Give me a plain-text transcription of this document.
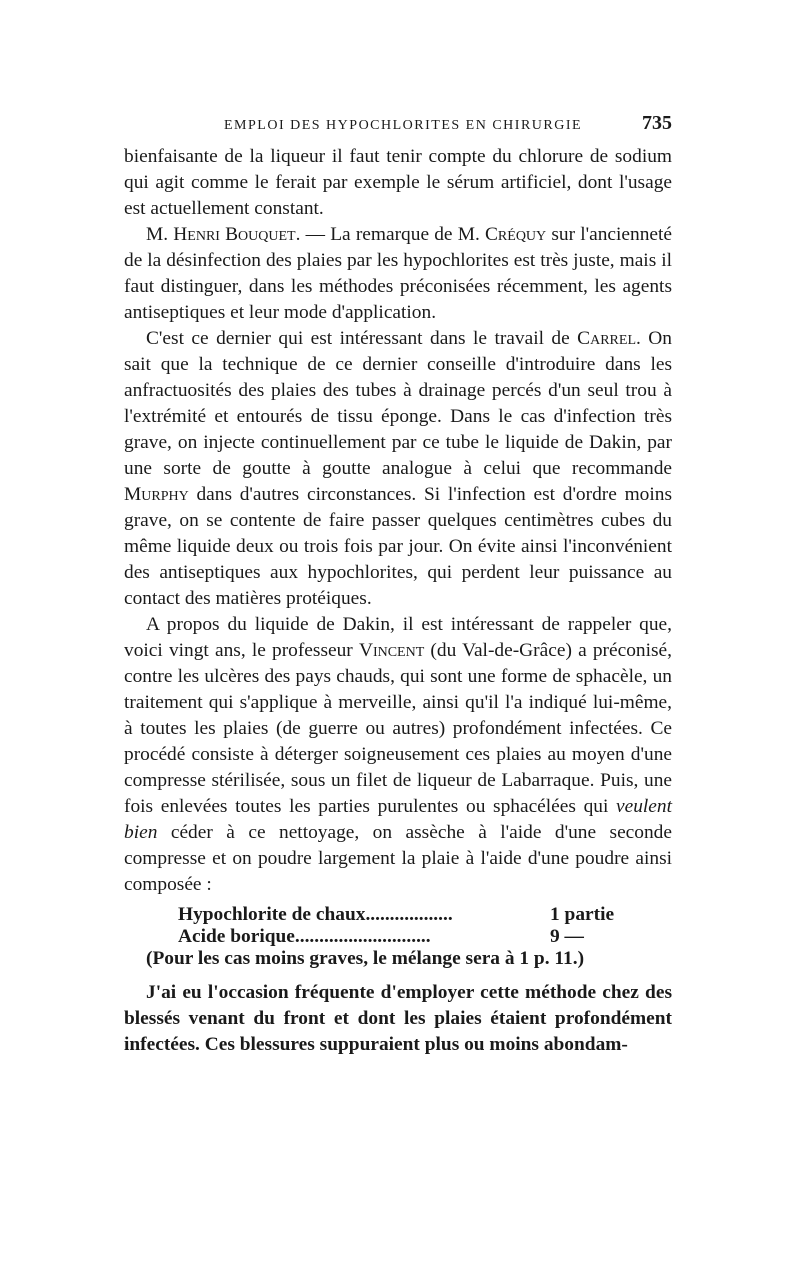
EMPLOI DES HYPOCHLORITES EN CHIRURGIE	735

bienfaisante de la liqueur il faut tenir compte du chlorure de sodium qui agit comme le ferait par exemple le sérum artificiel, dont l'usage est actuellement constant.

M. Henri Bouquet. — La remarque de M. Créquy sur l'ancienneté de la désinfection des plaies par les hypochlorites est très juste, mais il faut distinguer, dans les méthodes préconisées récemment, les agents antiseptiques et leur mode d'application.

C'est ce dernier qui est intéressant dans le travail de Carrel. On sait que la technique de ce dernier conseille d'introduire dans les anfractuosités des plaies des tubes à drainage percés d'un seul trou à l'extrémité et entourés de tissu éponge. Dans le cas d'infection très grave, on injecte continuellement par ce tube le liquide de Dakin, par une sorte de goutte à goutte analogue à celui que recommande Murphy dans d'autres circonstances. Si l'infection est d'ordre moins grave, on se contente de faire passer quelques centimètres cubes du même liquide deux ou trois fois par jour. On évite ainsi l'inconvénient des antiseptiques aux hypochlorites, qui perdent leur puissance au contact des matières protéiques.

A propos du liquide de Dakin, il est intéressant de rappeler que, voici vingt ans, le professeur Vincent (du Val-de-Grâce) a préconisé, contre les ulcères des pays chauds, qui sont une forme de sphacèle, un traitement qui s'applique à merveille, ainsi qu'il l'a indiqué lui-même, à toutes les plaies (de guerre ou autres) profondément infectées. Ce procédé consiste à déterger soigneusement ces plaies au moyen d'une compresse stérilisée, sous un filet de liqueur de Labarraque. Puis, une fois enlevées toutes les parties purulentes ou sphacélées qui veulent bien céder à ce nettoyage, on assèche à l'aide d'une seconde compresse et on poudre largement la plaie à l'aide d'une poudre ainsi composée :

Hypochlorite de chaux..................	1 partie
Acide borique............................	9 —
(Pour les cas moins graves, le mélange sera à 1 p. 11.)

J'ai eu l'occasion fréquente d'employer cette méthode chez des blessés venant du front et dont les plaies étaient profondément infectées. Ces blessures suppuraient plus ou moins abondam-
